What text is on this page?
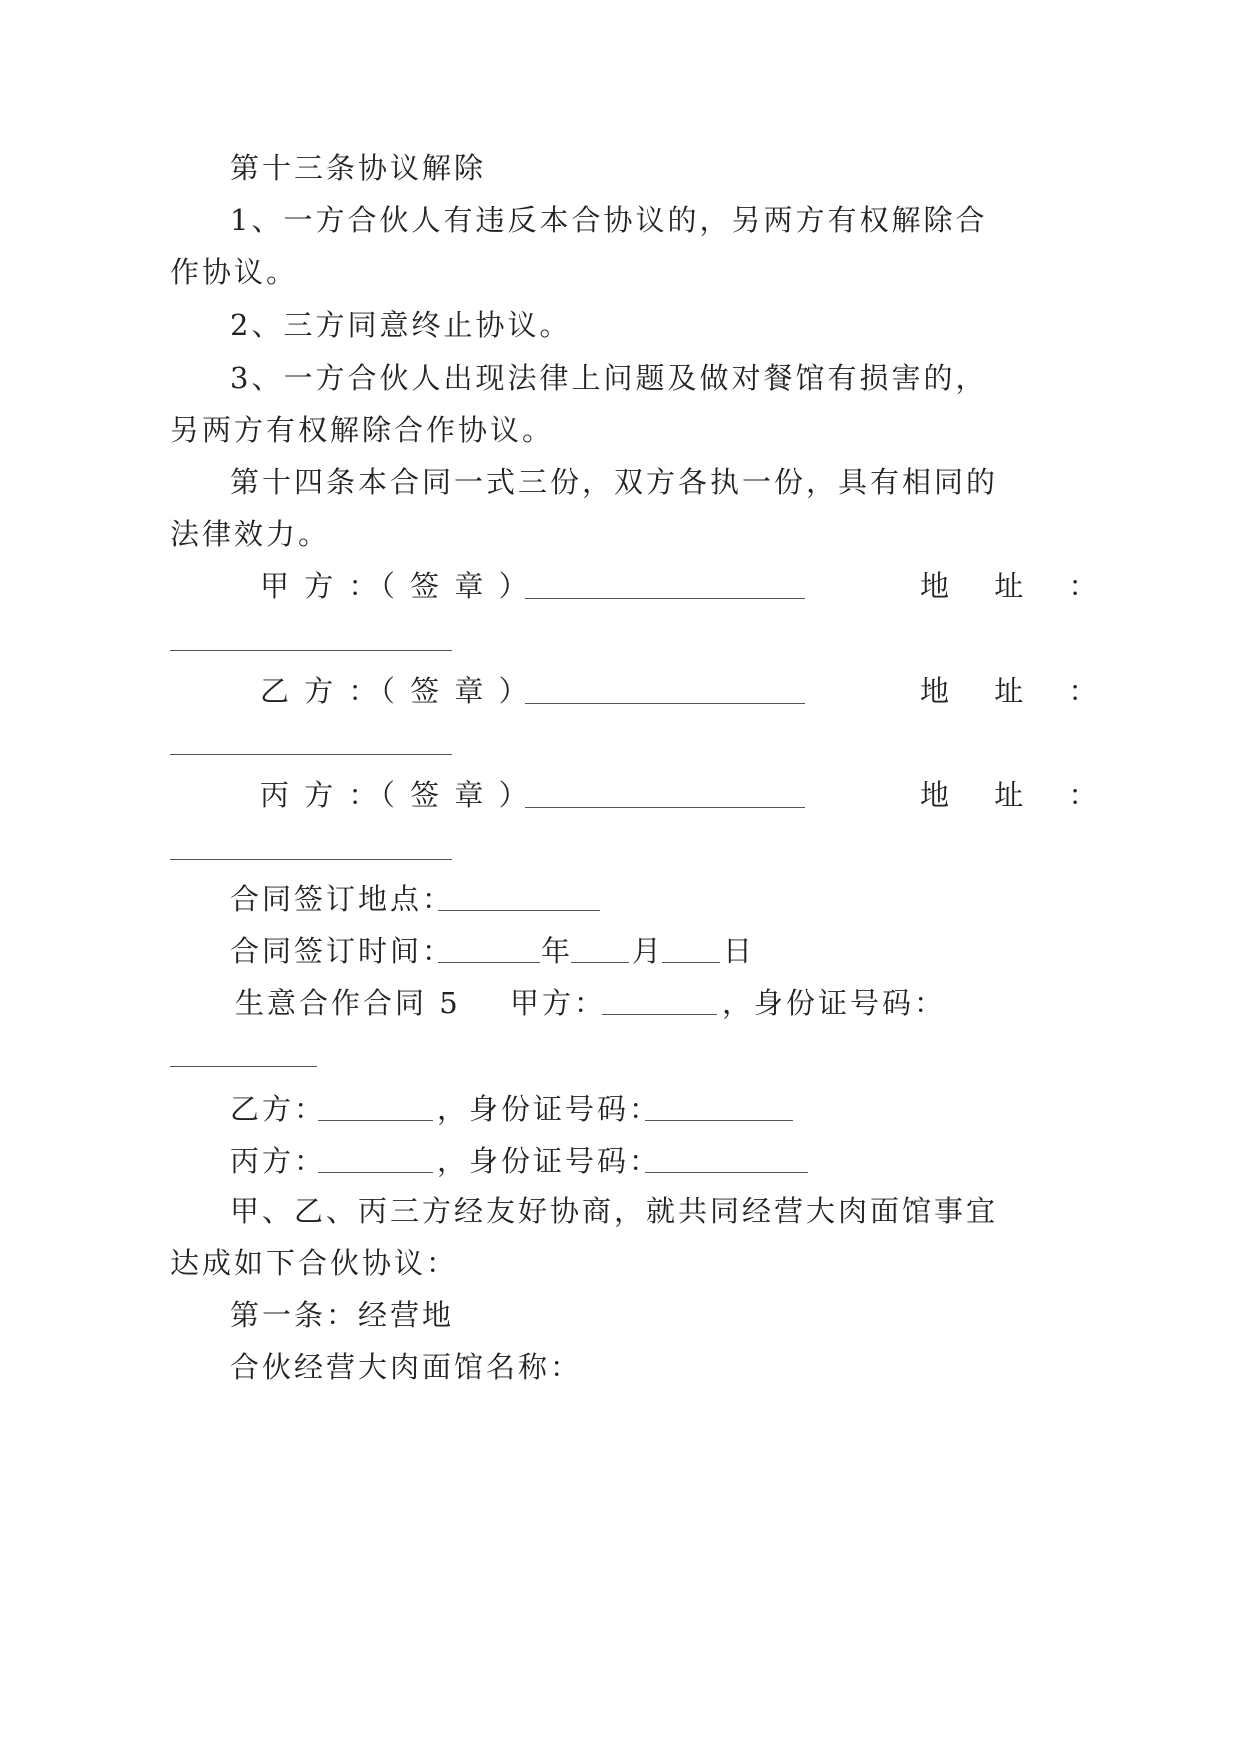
第十三条协议解除
1、一方合伙人有违反本合协议的，另两方有权解除合
作协议。
2、三方同意终止协议。
3、一方合伙人出现法律上问题及做对餐馆有损害的，
另两方有权解除合作协议。
第十四条本合同一式三份，双方各执一份，具有相同的
法律效力。
甲 方 ：（ 签 章 ）	地 址 ：
乙 方 ：（ 签 章 ）	地 址 ：
丙 方 ：（ 签 章 ）	地 址 ：
合同签订地点：
合同签订时间：	年 月 日
生意合作合同 5 甲方：	，身份证号码：
乙方：	，身份证号码：
丙方：	，身份证号码：
甲、乙、丙三方经友好协商，就共同经营大肉面馆事宜
达成如下合伙协议：
第一条：经营地
合伙经营大肉面馆名称：
